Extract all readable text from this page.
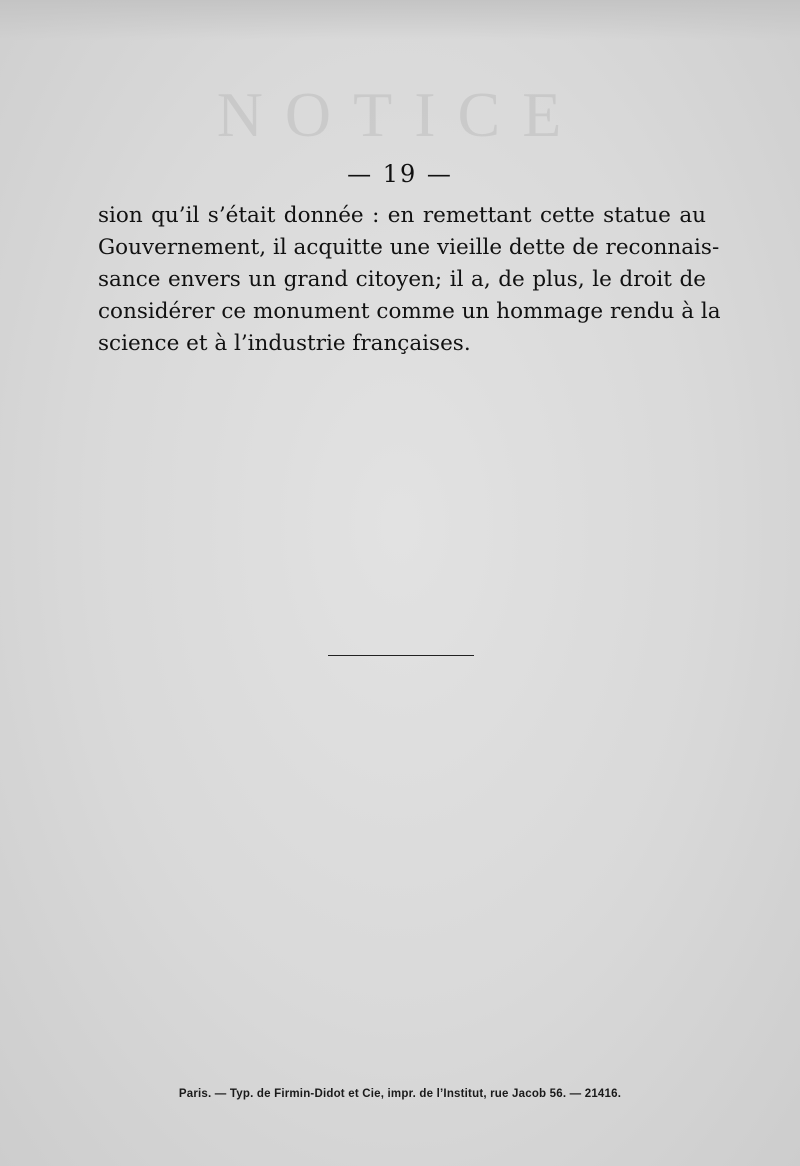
NOTICE
— 19 —
sion qu’il s’était donnée : en remettant cette statue au
Gouvernement, il acquitte une vieille dette de reconnais-
sance envers un grand citoyen; il a, de plus, le droit de
considérer ce monument comme un hommage rendu à la
science et à l’industrie françaises.
Paris. — Typ. de Firmin-Didot et Cie, impr. de l’Institut, rue Jacob 56. — 21416.
